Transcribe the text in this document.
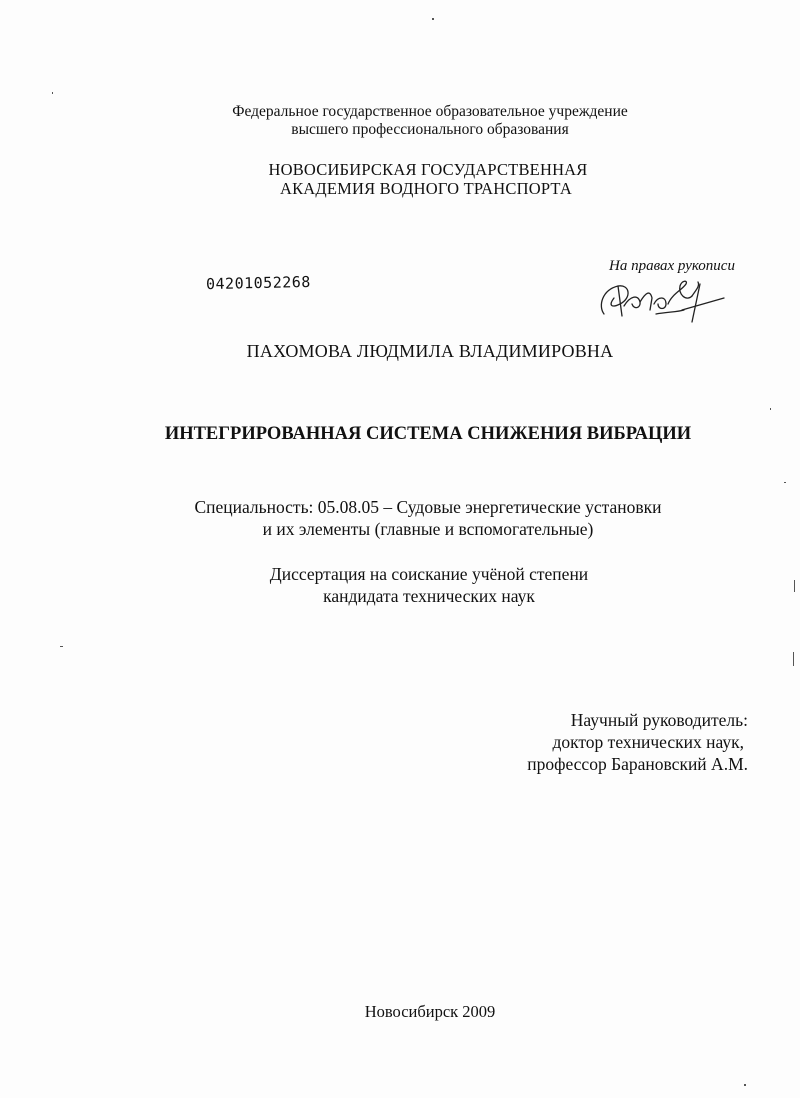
Федеральное государственное образовательное учреждение
высшего профессионального образования
НОВОСИБИРСКАЯ ГОСУДАРСТВЕННАЯ
АКАДЕМИЯ ВОДНОГО ТРАНСПОРТА
04201052268
На правах рукописи
ПАХОМОВА ЛЮДМИЛА ВЛАДИМИРОВНА
ИНТЕГРИРОВАННАЯ СИСТЕМА СНИЖЕНИЯ ВИБРАЦИИ
Специальность: 05.08.05 – Судовые энергетические установки
и их элементы (главные и вспомогательные)
Диссертация на соискание учёной степени
кандидата технических наук
Научный руководитель:
доктор технических наук,
профессор Барановский А.М.
Новосибирск 2009
